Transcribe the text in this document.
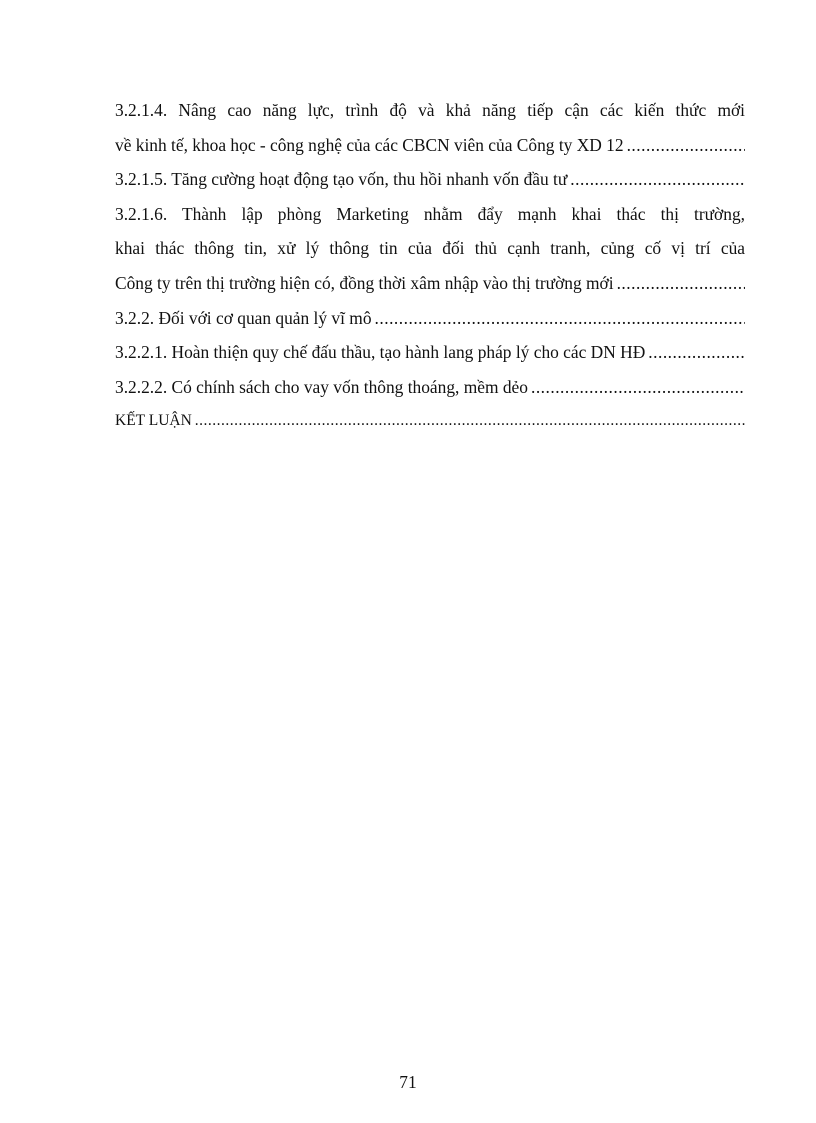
3.2.1.4. Nâng cao năng lực, trình độ và khả năng tiếp cận các kiến thức mới
về kinh tế, khoa học - công nghệ của các CBCN viên của Công ty XD 12
.....
3.2.1.5. Tăng cường hoạt động tạo vốn, thu hồi nhanh vốn đầu tư
.....
3.2.1.6. Thành lập phòng Marketing nhằm đẩy mạnh khai thác thị trường,
khai thác thông tin, xử lý thông tin của đối thủ cạnh tranh, củng cố vị trí của
Công ty trên thị trường hiện có, đồng thời xâm nhập vào thị trường mới
.....
3.2.2. Đối với cơ quan quản lý vĩ mô
.....
3.2.2.1. Hoàn thiện quy chế đấu thầu, tạo hành lang pháp lý cho các DN HĐ
.....
3.2.2.2. Có chính sách cho vay vốn thông thoáng, mềm dẻo
.....
KẾT LUẬN
.....
71
